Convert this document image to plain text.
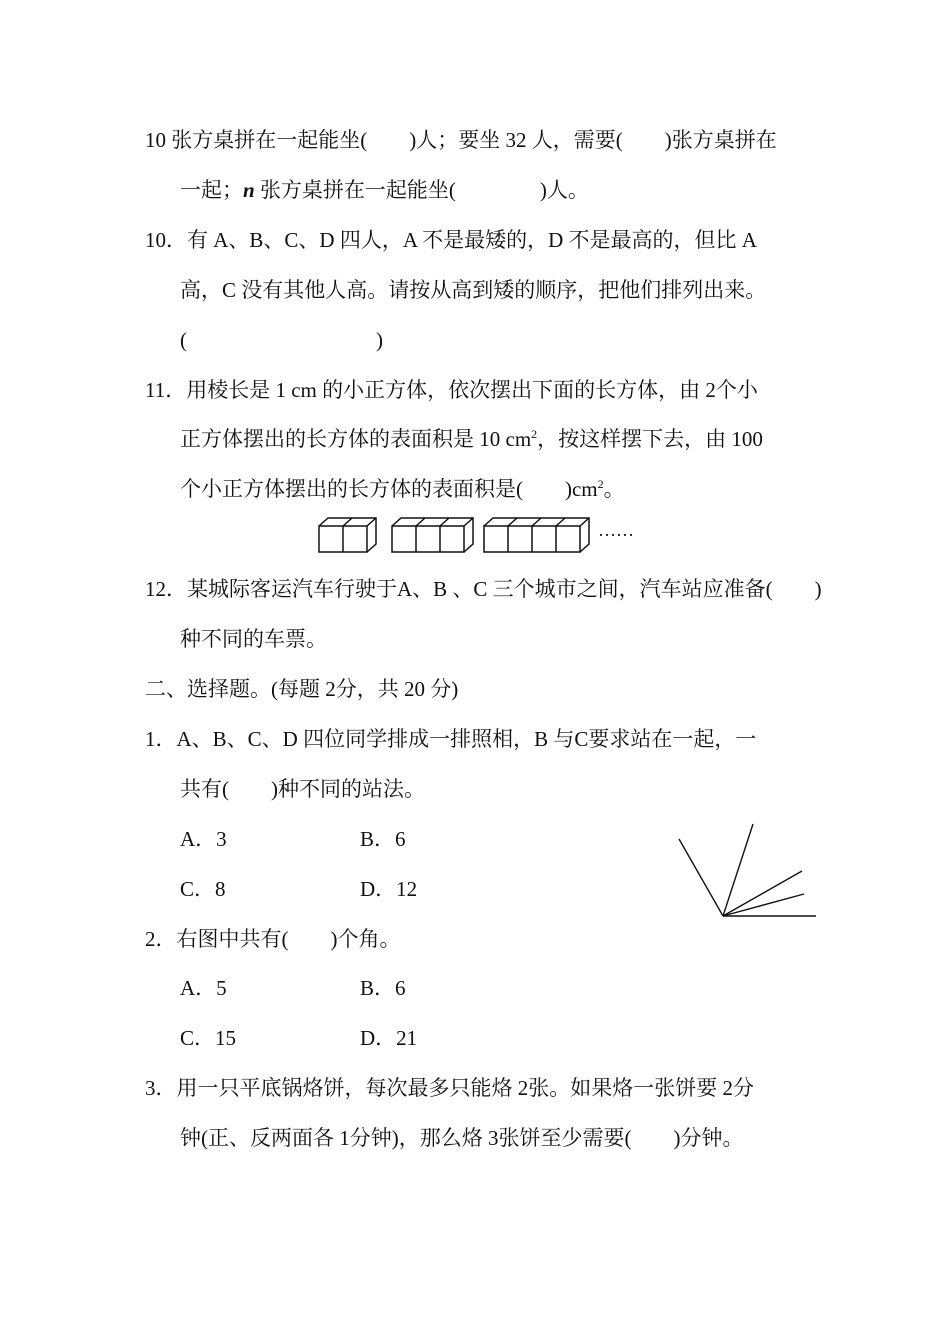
10 张方桌拼在一起能坐(　　)人；要坐 32 人，需要(　　)张方桌拼在
一起；n 张方桌拼在一起能坐(　　　　)人。
10．有 A、B、C、D 四人，A 不是最矮的，D 不是最高的，但比 A
高，C 没有其他人高。请按从高到矮的顺序，把他们排列出来。
(　　　　　　　　　)
11．用棱长是 1 cm 的小正方体，依次摆出下面的长方体，由 2个小
正方体摆出的长方体的表面积是 10 $cm^2$，按这样摆下去，由 100
个小正方体摆出的长方体的表面积是(　　)$cm^2$。
……
12．某城际客运汽车行驶于A、B 、C 三个城市之间，汽车站应准备(　　)
种不同的车票。
二、选择题。(每题 2分，共 20 分)
1．A、B、C、D 四位同学排成一排照相，B 与C要求站在一起，一
共有(　　)种不同的站法。
A．3	B．6
C．8	D．12
2．右图中共有(　　)个角。
A．5	B．6
C．15	D．21
3．用一只平底锅烙饼，每次最多只能烙 2张。如果烙一张饼要 2分
钟(正、反两面各 1分钟)，那么烙 3张饼至少需要(　　)分钟。
